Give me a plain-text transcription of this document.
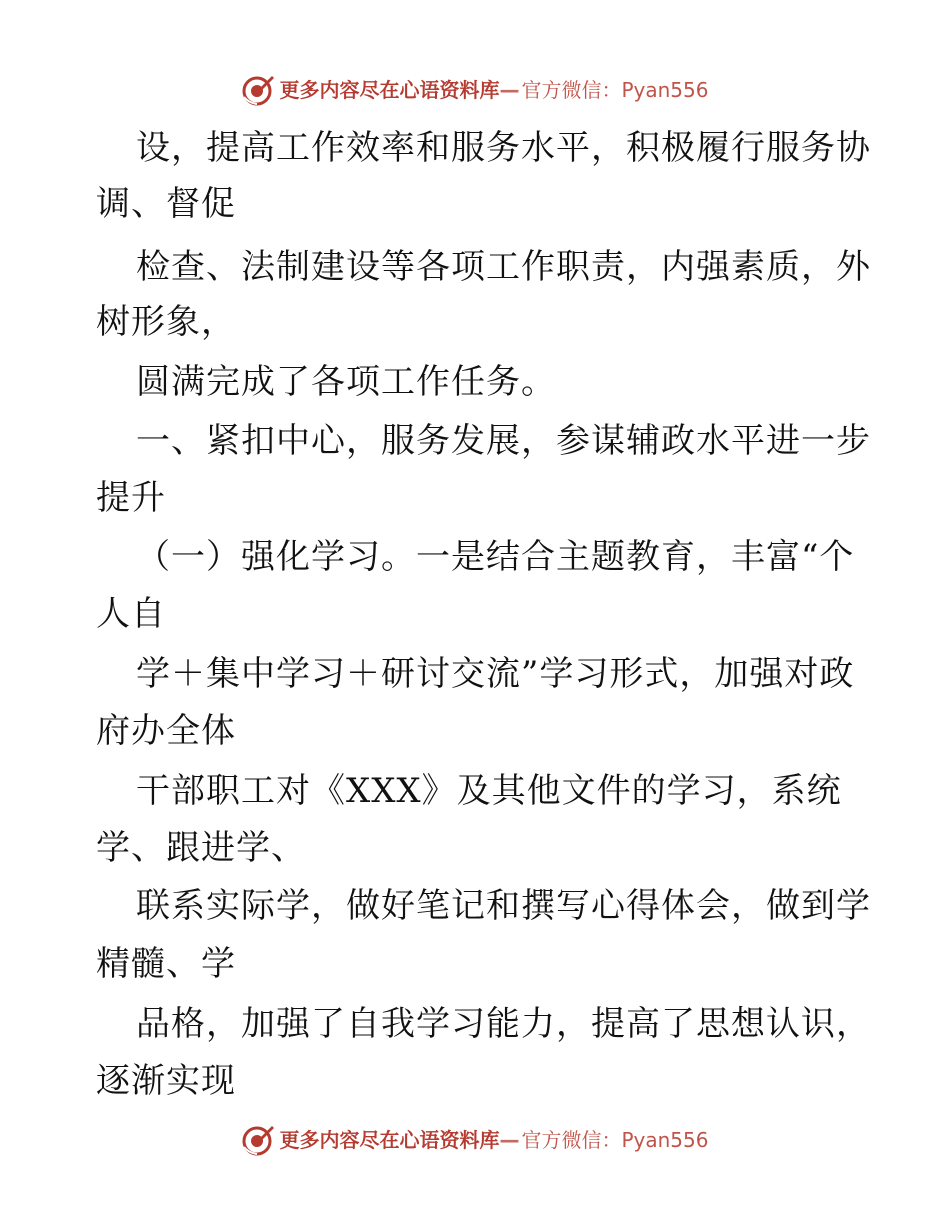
更多内容尽在心语资料库 — 官方微信：Pyan556
设，提高工作效率和服务水平，积极履行服务协
调、督促
检查、法制建设等各项工作职责，内强素质，外
树形象，
圆满完成了各项工作任务。
一、紧扣中心，服务发展，参谋辅政水平进一步
提升
（一）强化学习。一是结合主题教育，丰富“个
人自
学＋集中学习＋研讨交流”学习形式，加强对政
府办全体
干部职工对《XXX》及其他文件的学习，系统
学、跟进学、
联系实际学，做好笔记和撰写心得体会，做到学
精髓、学
品格，加强了自我学习能力，提高了思想认识，
逐渐实现
更多内容尽在心语资料库 — 官方微信：Pyan556
